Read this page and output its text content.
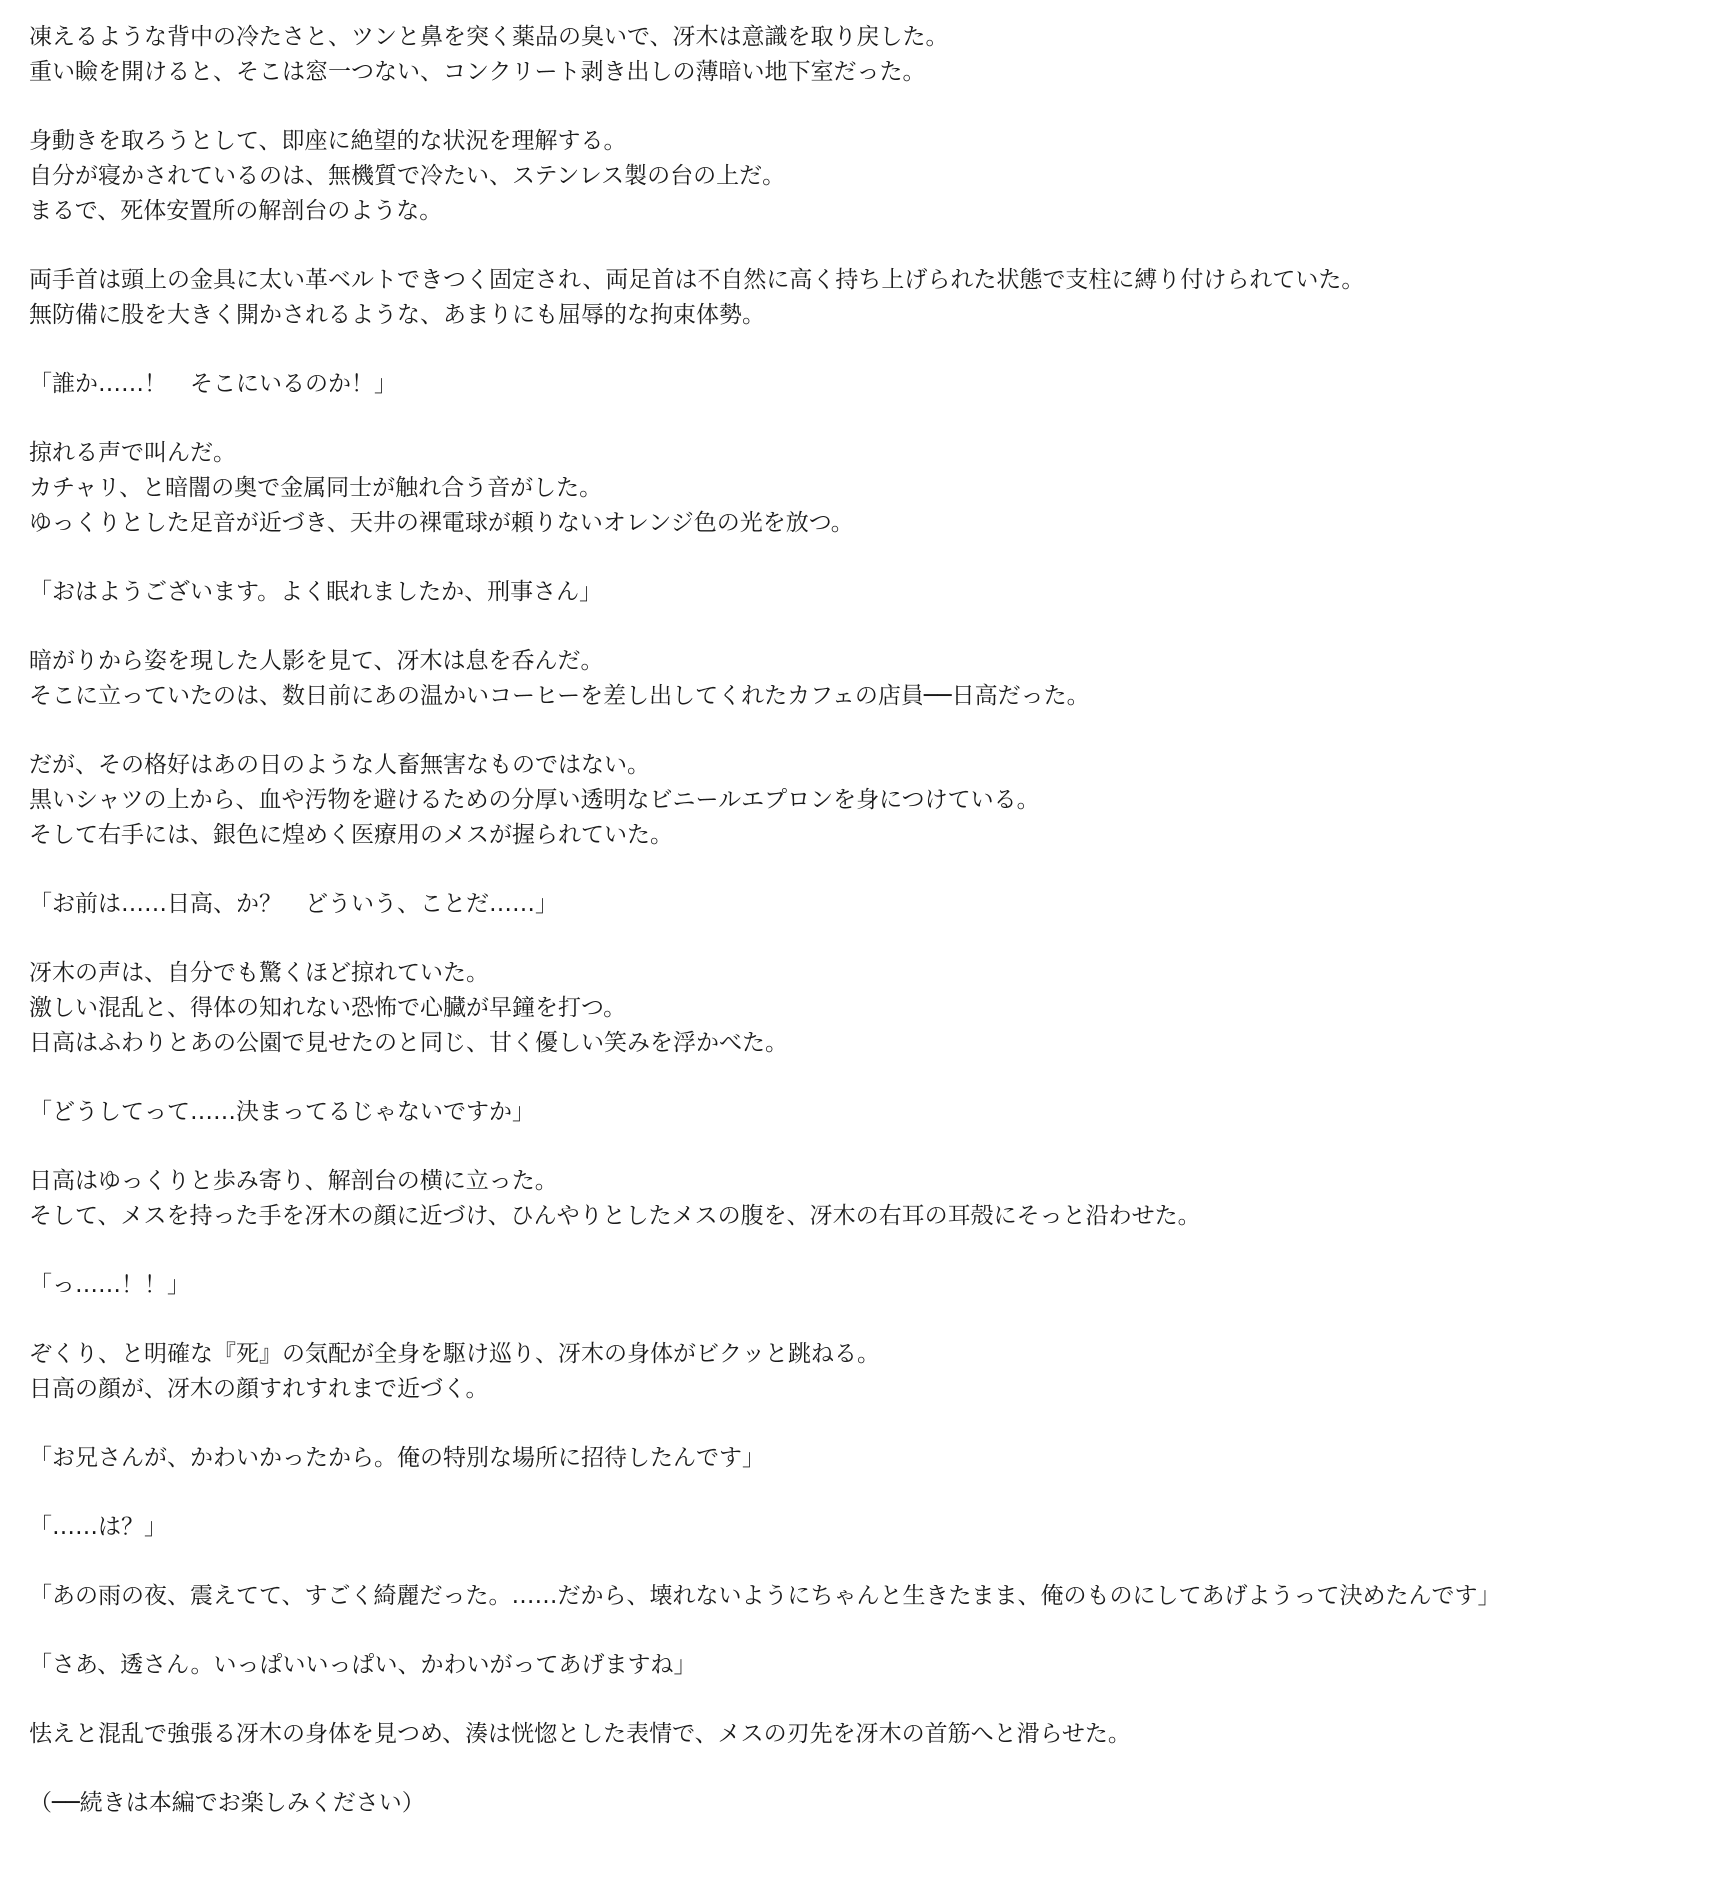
凍えるような背中の冷たさと、ツンと鼻を突く薬品の臭いで、冴木は意識を取り戻した。
重い瞼を開けると、そこは窓一つない、コンクリート剥き出しの薄暗い地下室だった。
身動きを取ろうとして、即座に絶望的な状況を理解する。
自分が寝かされているのは、無機質で冷たい、ステンレス製の台の上だ。
まるで、死体安置所の解剖台のような。
両手首は頭上の金具に太い革ベルトできつく固定され、両足首は不自然に高く持ち上げられた状態で支柱に縛り付けられていた。
無防備に股を大きく開かされるような、あまりにも屈辱的な拘束体勢。
「誰か……！　そこにいるのか！」
掠れる声で叫んだ。
カチャリ、と暗闇の奥で金属同士が触れ合う音がした。
ゆっくりとした足音が近づき、天井の裸電球が頼りないオレンジ色の光を放つ。
「おはようございます。よく眠れましたか、刑事さん」
暗がりから姿を現した人影を見て、冴木は息を呑んだ。
そこに立っていたのは、数日前にあの温かいコーヒーを差し出してくれたカフェの店員──日高だった。
だが、その格好はあの日のような人畜無害なものではない。
黒いシャツの上から、血や汚物を避けるための分厚い透明なビニールエプロンを身につけている。
そして右手には、銀色に煌めく医療用のメスが握られていた。
「お前は……日高、か？　どういう、ことだ……」
冴木の声は、自分でも驚くほど掠れていた。
激しい混乱と、得体の知れない恐怖で心臓が早鐘を打つ。
日高はふわりとあの公園で見せたのと同じ、甘く優しい笑みを浮かべた。
「どうしてって……決まってるじゃないですか」
日高はゆっくりと歩み寄り、解剖台の横に立った。
そして、メスを持った手を冴木の顔に近づけ、ひんやりとしたメスの腹を、冴木の右耳の耳殻にそっと沿わせた。
「っ……！！」
ぞくり、と明確な『死』の気配が全身を駆け巡り、冴木の身体がビクッと跳ねる。
日高の顔が、冴木の顔すれすれまで近づく。
「お兄さんが、かわいかったから。俺の特別な場所に招待したんです」
「……は？」
「あの雨の夜、震えてて、すごく綺麗だった。……だから、壊れないようにちゃんと生きたまま、俺のものにしてあげようって決めたんです」
「さあ、透さん。いっぱいいっぱい、かわいがってあげますね」
怯えと混乱で強張る冴木の身体を見つめ、湊は恍惚とした表情で、メスの刃先を冴木の首筋へと滑らせた。
（──続きは本編でお楽しみください）
